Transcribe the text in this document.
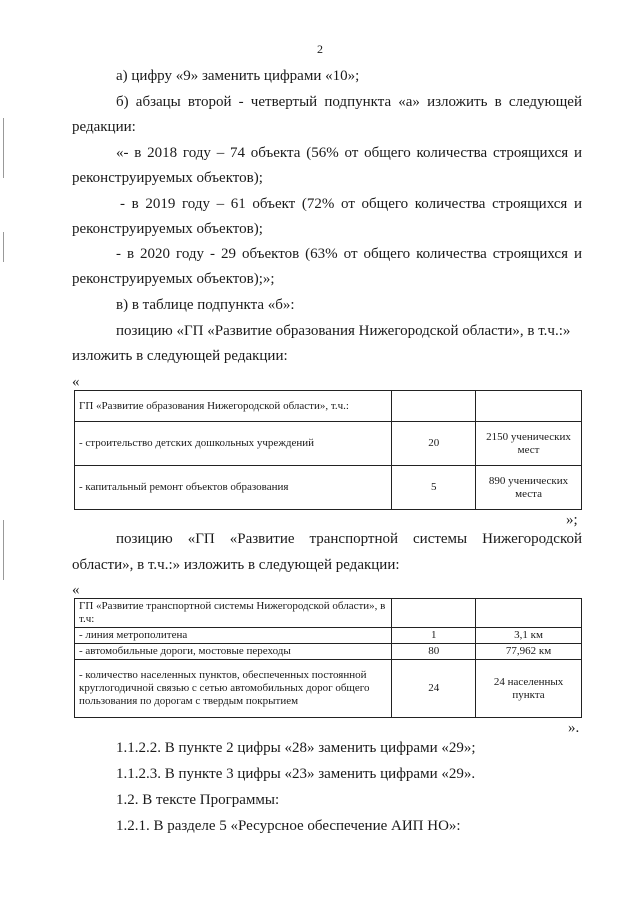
2
а) цифру «9» заменить цифрами «10»;
б) абзацы второй - четвертый подпункта «а» изложить в следующей
редакции:
«- в 2018 году – 74 объекта (56% от общего количества строящихся и
реконструируемых объектов);
- в 2019 году – 61 объект (72% от общего количества строящихся и
реконструируемых объектов);
- в 2020 году - 29 объектов (63% от общего количества строящихся и
реконструируемых объектов);»;
в) в таблице подпункта «б»:
позицию «ГП «Развитие образования Нижегородской области», в т.ч.:»
изложить в следующей редакции:
«
ГП «Развитие образования Нижегородской области», т.ч.:		
- строительство детских дошкольных учреждений	20	2150 ученических мест
- капитальный ремонт объектов образования	5	890 ученических места
»;
позицию «ГП «Развитие транспортной системы Нижегородской
области», в т.ч.:» изложить в следующей редакции:
«
ГП «Развитие транспортной системы Нижегородской области», в т.ч:		
- линия метрополитена	1	3,1 км
- автомобильные дороги, мостовые переходы	80	77,962 км
- количество населенных пунктов, обеспеченных постоянной круглогодичной связью с сетью автомобильных дорог общего пользования по дорогам с твердым покрытием	24	24 населенных пункта
».
1.1.2.2. В пункте 2 цифры «28» заменить цифрами «29»;
1.1.2.3. В пункте 3 цифры «23» заменить цифрами «29».
1.2. В тексте Программы:
1.2.1. В разделе 5 «Ресурсное обеспечение АИП НО»:
